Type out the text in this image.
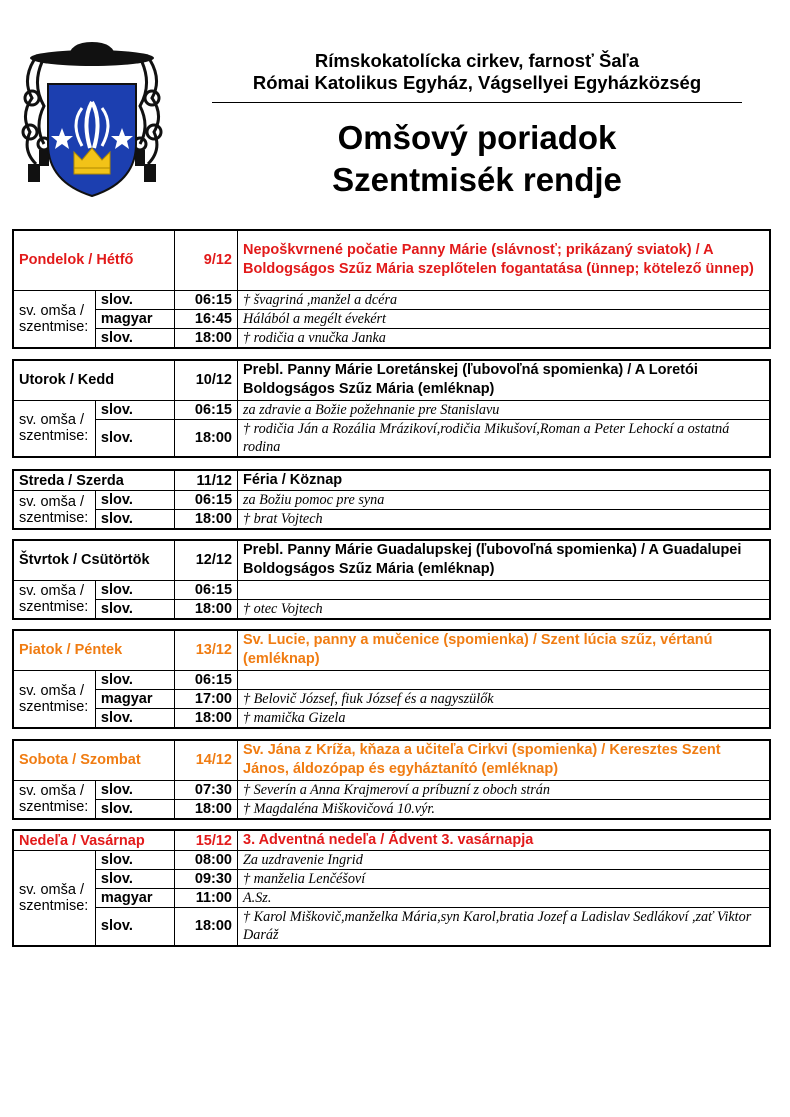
Rímskokatolícka cirkev, farnosť Šaľa
Római Katolikus Egyház, Vágsellyei Egyházközség
Omšový poriadok
Szentmisék rendje
Pondelok / Hétfő		9/12	Nepoškvrnené počatie Panny Márie (slávnosť; prikázaný sviatok) / A Boldogságos Szűz Mária szeplőtelen fogantatása (ünnep; kötelező ünnep)
sv. omša / szentmise:	slov.	06:15	† švagriná ,manžel a dcéra
	magyar	16:45	Hálából a megélt évekért
	slov.	18:00	† rodičia a vnučka Janka
Utorok / Kedd		10/12	Prebl. Panny Márie Loretánskej (ľubovoľná spomienka) / A Loretói Boldogságos Szűz Mária (emléknap)
sv. omša / szentmise:	slov.	06:15	za zdravie a Božie požehnanie pre Stanislavu
	slov.	18:00	† rodičia Ján a Rozália Mrázikoví,rodičia Mikušoví,Roman a Peter Lehockí a ostatná rodina
Streda / Szerda		11/12	Féria / Köznap
sv. omša / szentmise:	slov.	06:15	za Božiu pomoc pre syna
	slov.	18:00	† brat Vojtech
Štvrtok / Csütörtök		12/12	Prebl. Panny Márie Guadalupskej (ľubovoľná spomienka) / A Guadalupei Boldogságos Szűz Mária (emléknap)
sv. omša / szentmise:	slov.	06:15	
	slov.	18:00	† otec Vojtech
Piatok / Péntek		13/12	Sv. Lucie, panny a mučenice (spomienka) / Szent lúcia szűz, vértanú (emléknap)
sv. omša / szentmise:	slov.	06:15	
	magyar	17:00	† Belovič József, fiuk József és a nagyszülők
	slov.	18:00	† mamička Gizela
Sobota / Szombat		14/12	Sv. Jána z Kríža, kňaza a učiteľa Cirkvi (spomienka) / Keresztes Szent János, áldozópap és egyháztanító (emléknap)
sv. omša / szentmise:	slov.	07:30	† Severín a Anna Krajmeroví a príbuzní z oboch strán
	slov.	18:00	† Magdaléna Miškovičová 10.výr.
Nedeľa / Vasárnap		15/12	3. Adventná nedeľa / Ádvent 3. vasárnapja
sv. omša / szentmise:	slov.	08:00	Za uzdravenie Ingrid
	slov.	09:30	† manželia Lenčéšoví
	magyar	11:00	A.Sz.
	slov.	18:00	† Karol Miškovič,manželka Mária,syn Karol,bratia Jozef a Ladislav Sedlákoví ,zať Viktor Daráž
